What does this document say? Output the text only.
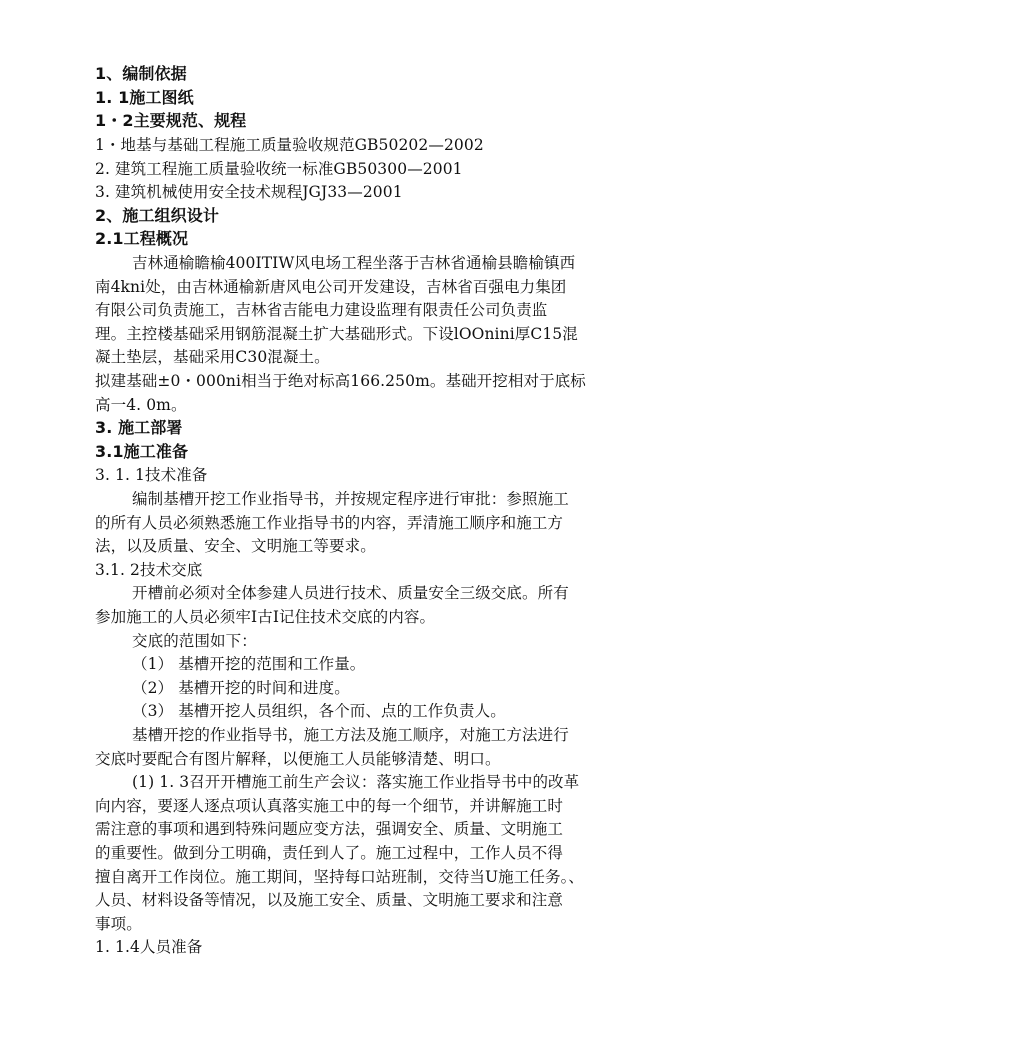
1、编制依据
1. 1施工图纸
1・2主要规范、规程
1・地基与基础工程施工质量验收规范GB50202—2002
2. 建筑工程施工质量验收统一标准GB50300—2001
3. 建筑机械使用安全技术规程JGJ33—2001
2、施工组织设计
2.1工程概况
吉林通榆瞻榆400ITIW风电场工程坐落于吉林省通榆县瞻榆镇西
南4kni处，由吉林通榆新唐风电公司开发建设，吉林省百强电力集团
有限公司负责施工，吉林省吉能电力建设监理有限责任公司负责监
理。主控楼基础采用钢筋混凝土扩大基础形式。下设lOOnini厚C15混
凝土垫层，基础采用C30混凝土。
拟建基础±0・000ni相当于绝对标高166.250m。基础开挖相对于底标
高一4. 0m。
3. 施工部署
3.1施工准备
3. 1. 1技术准备
编制基槽开挖工作业指导书，并按规定程序进行审批：参照施工
的所有人员必须熟悉施工作业指导书的内容，弄清施工顺序和施工方
法，以及质量、安全、文明施工等要求。
3.1. 2技术交底
开槽前必须对全体参建人员进行技术、质量安全三级交底。所有
参加施工的人员必须牢I古I记住技术交底的内容。
交底的范围如下：
（1） 基槽开挖的范围和工作量。
（2） 基槽开挖的时间和进度。
（3） 基槽开挖人员组织，各个而、点的工作负责人。
基槽开挖的作业指导书，施工方法及施工顺序，对施工方法进行
交底吋要配合有图片解释，以便施工人员能够清楚、明口。
(1) 1. 3召开开槽施工前生产会议：落实施工作业指导书中的改革
向内容，要逐人逐点项认真落实施工中的每一个细节，并讲解施工时
需注意的事项和遇到特殊问题应变方法，强调安全、质量、文明施工
的重要性。做到分工明确，责任到人了。施工过程中，工作人员不得
擅自离开工作岗位。施工期间，坚持每口站班制，交待当U施工任务。、
人员、材料设备等情况，以及施工安全、质量、文明施工要求和注意
事项。
1. 1.4人员准备
